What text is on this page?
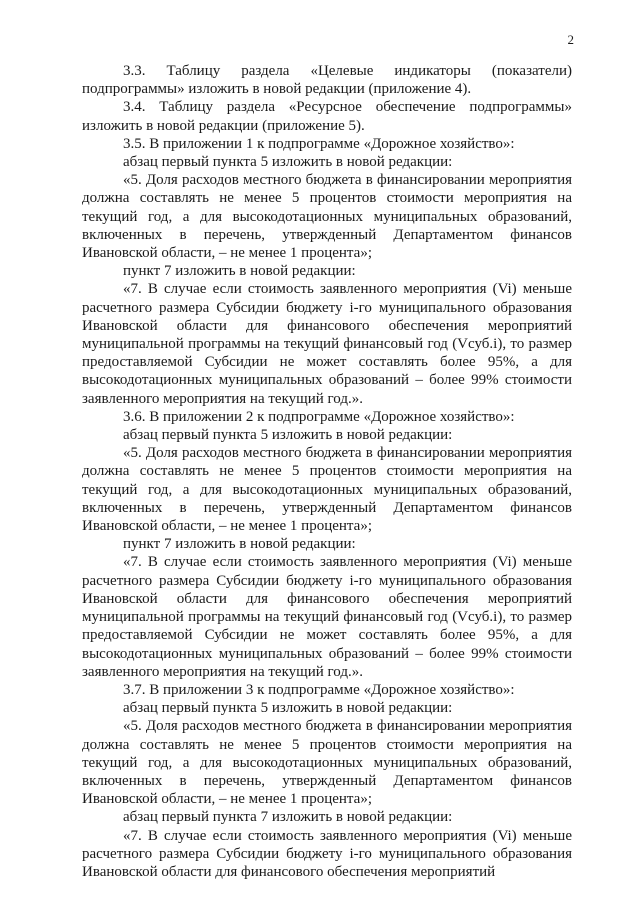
2

3.3. Таблицу раздела «Целевые индикаторы (показатели) подпрограммы» изложить в новой редакции (приложение 4).

3.4. Таблицу раздела «Ресурсное обеспечение подпрограммы» изложить в новой редакции (приложение 5).

3.5. В приложении 1 к подпрограмме «Дорожное хозяйство»:

абзац первый пункта 5 изложить в новой редакции:

«5. Доля расходов местного бюджета в финансировании мероприятия должна составлять не менее 5 процентов стоимости мероприятия на текущий год, а для высокодотационных муниципальных образований, включенных в перечень, утвержденный Департаментом финансов Ивановской области, – не менее 1 процента»;

пункт 7 изложить в новой редакции:

«7. В случае если стоимость заявленного мероприятия (Vi) меньше расчетного размера Субсидии бюджету i-го муниципального образования Ивановской области для финансового обеспечения мероприятий муниципальной программы на текущий финансовый год (Vсуб.i), то размер предоставляемой Субсидии не может составлять более 95%, а для высокодотационных муниципальных образований – более 99% стоимости заявленного мероприятия на текущий год.».

3.6. В приложении 2 к подпрограмме «Дорожное хозяйство»:

абзац первый пункта 5 изложить в новой редакции:

«5. Доля расходов местного бюджета в финансировании мероприятия должна составлять не менее 5 процентов стоимости мероприятия на текущий год, а для высокодотационных муниципальных образований, включенных в перечень, утвержденный Департаментом финансов Ивановской области, – не менее 1 процента»;

пункт 7 изложить в новой редакции:

«7. В случае если стоимость заявленного мероприятия (Vi) меньше расчетного размера Субсидии бюджету i-го муниципального образования Ивановской области для финансового обеспечения мероприятий муниципальной программы на текущий финансовый год (Vсуб.i), то размер предоставляемой Субсидии не может составлять более 95%, а для высокодотационных муниципальных образований – более 99% стоимости заявленного мероприятия на текущий год.».

3.7. В приложении 3 к подпрограмме «Дорожное хозяйство»:

абзац первый пункта 5 изложить в новой редакции:

«5. Доля расходов местного бюджета в финансировании мероприятия должна составлять не менее 5 процентов стоимости мероприятия на текущий год, а для высокодотационных муниципальных образований, включенных в перечень, утвержденный Департаментом финансов Ивановской области, – не менее 1 процента»;

абзац первый пункта 7 изложить в новой редакции:

«7. В случае если стоимость заявленного мероприятия (Vi) меньше расчетного размера Субсидии бюджету i-го муниципального образования Ивановской области для финансового обеспечения мероприятий
